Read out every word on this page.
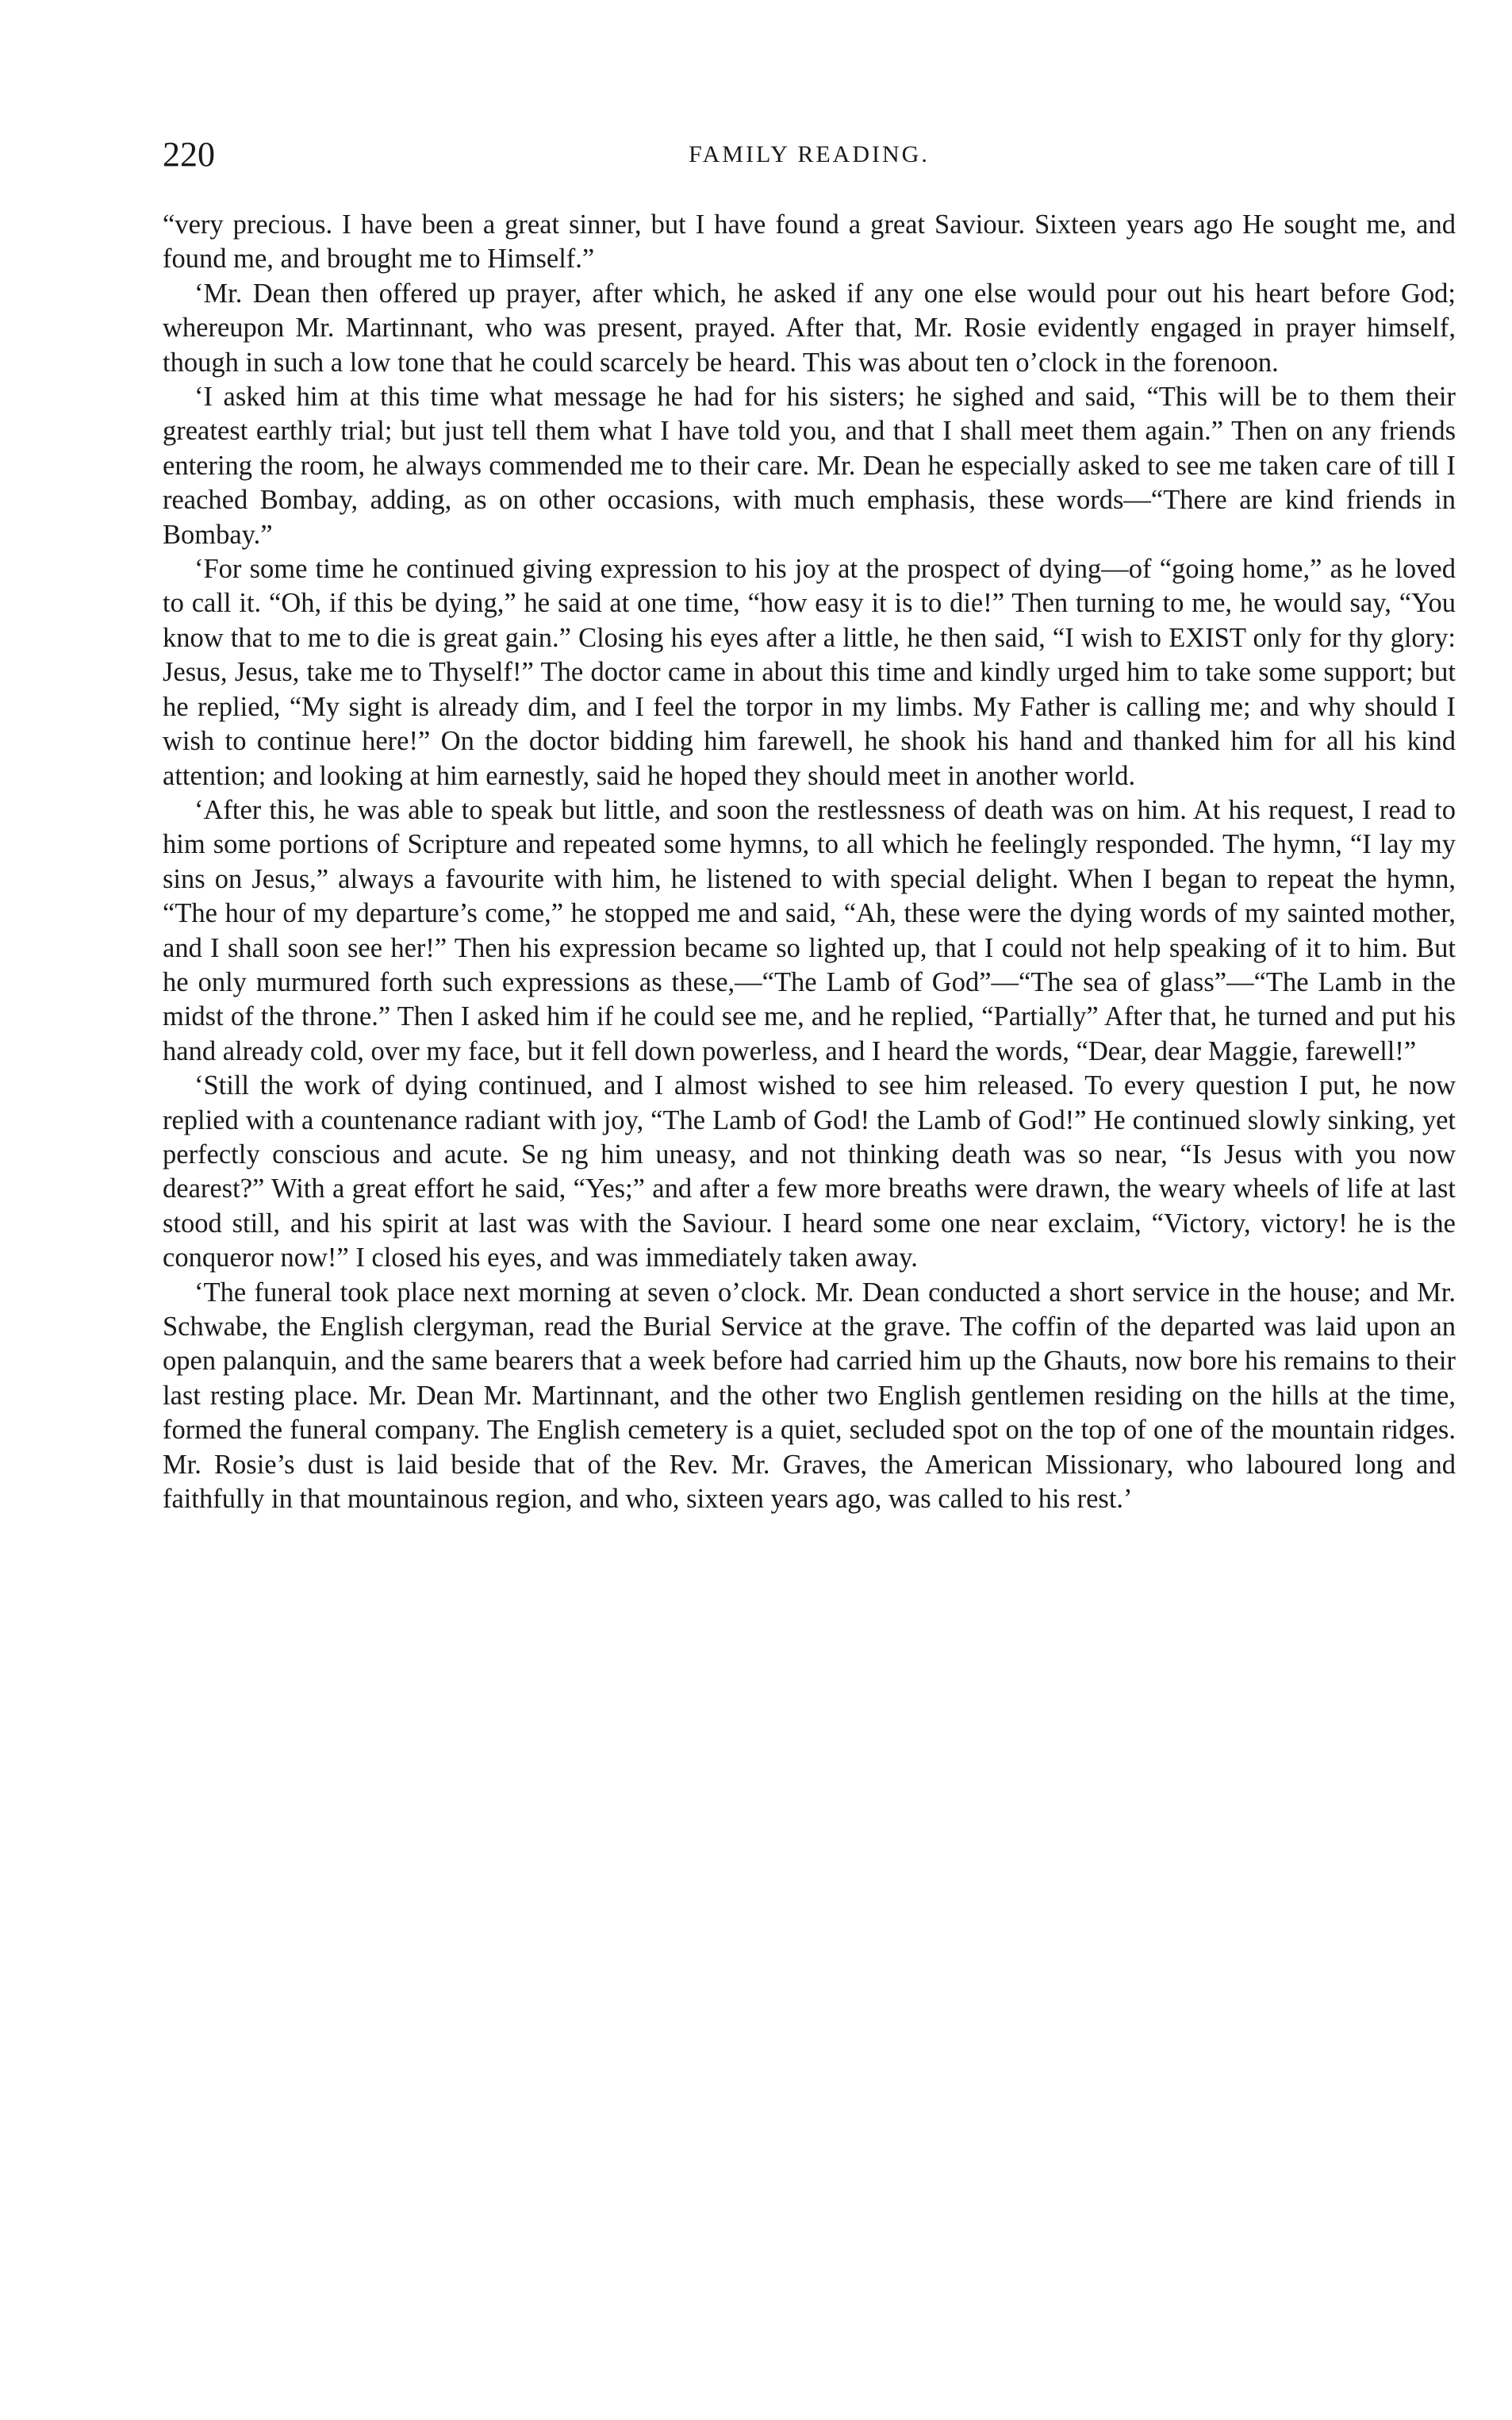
220	FAMILY READING.

“very precious. I have been a great sinner, but I have found a great Saviour. Sixteen years ago He sought me, and found me, and brought me to Himself.”

‘Mr. Dean then offered up prayer, after which, he asked if any one else would pour out his heart before God; whereupon Mr. Martinnant, who was present, prayed. After that, Mr. Rosie evidently engaged in prayer himself, though in such a low tone that he could scarcely be heard. This was about ten o’clock in the forenoon.

‘I asked him at this time what message he had for his sisters; he sighed and said, “This will be to them their greatest earthly trial; but just tell them what I have told you, and that I shall meet them again.” Then on any friends entering the room, he always commended me to their care. Mr. Dean he especially asked to see me taken care of till I reached Bombay, adding, as on other occasions, with much emphasis, these words—“There are kind friends in Bombay.”

‘For some time he continued giving expression to his joy at the prospect of dying—of “going home,” as he loved to call it. “Oh, if this be dying,” he said at one time, “how easy it is to die!” Then turning to me, he would say, “You know that to me to die is great gain.” Closing his eyes after a little, he then said, “I wish to EXIST only for thy glory: Jesus, Jesus, take me to Thyself!” The doctor came in about this time and kindly urged him to take some support; but he replied, “My sight is already dim, and I feel the torpor in my limbs. My Father is calling me; and why should I wish to continue here!” On the doctor bidding him farewell, he shook his hand and thanked him for all his kind attention; and looking at him earnestly, said he hoped they should meet in another world.

‘After this, he was able to speak but little, and soon the restlessness of death was on him. At his request, I read to him some portions of Scripture and repeated some hymns, to all which he feelingly responded. The hymn, “I lay my sins on Jesus,” always a favourite with him, he listened to with special delight. When I began to repeat the hymn, “The hour of my departure’s come,” he stopped me and said, “Ah, these were the dying words of my sainted mother, and I shall soon see her!” Then his expression became so lighted up, that I could not help speaking of it to him. But he only murmured forth such expressions as these,—“The Lamb of God”—“The sea of glass”—“The Lamb in the midst of the throne.” Then I asked him if he could see me, and he replied, “Partially” After that, he turned and put his hand already cold, over my face, but it fell down powerless, and I heard the words, “Dear, dear Maggie, farewell!”

‘Still the work of dying continued, and I almost wished to see him released. To every question I put, he now replied with a countenance radiant with joy, “The Lamb of God! the Lamb of God!” He continued slowly sinking, yet perfectly conscious and acute. Se ng him uneasy, and not thinking death was so near, “Is Jesus with you now dearest?” With a great effort he said, “Yes;” and after a few more breaths were drawn, the weary wheels of life at last stood still, and his spirit at last was with the Saviour. I heard some one near exclaim, “Victory, victory! he is the conqueror now!” I closed his eyes, and was immediately taken away.

‘The funeral took place next morning at seven o’clock. Mr. Dean conducted a short service in the house; and Mr. Schwabe, the English clergyman, read the Burial Service at the grave. The coffin of the departed was laid upon an open palanquin, and the same bearers that a week before had carried him up the Ghauts, now bore his remains to their last resting place. Mr. Dean Mr. Martinnant, and the other two English gentlemen residing on the hills at the time, formed the funeral company. The English cemetery is a quiet, secluded spot on the top of one of the mountain ridges. Mr. Rosie’s dust is laid beside that of the Rev. Mr. Graves, the American Missionary, who laboured long and faithfully in that mountainous region, and who, sixteen years ago, was called to his rest.’
